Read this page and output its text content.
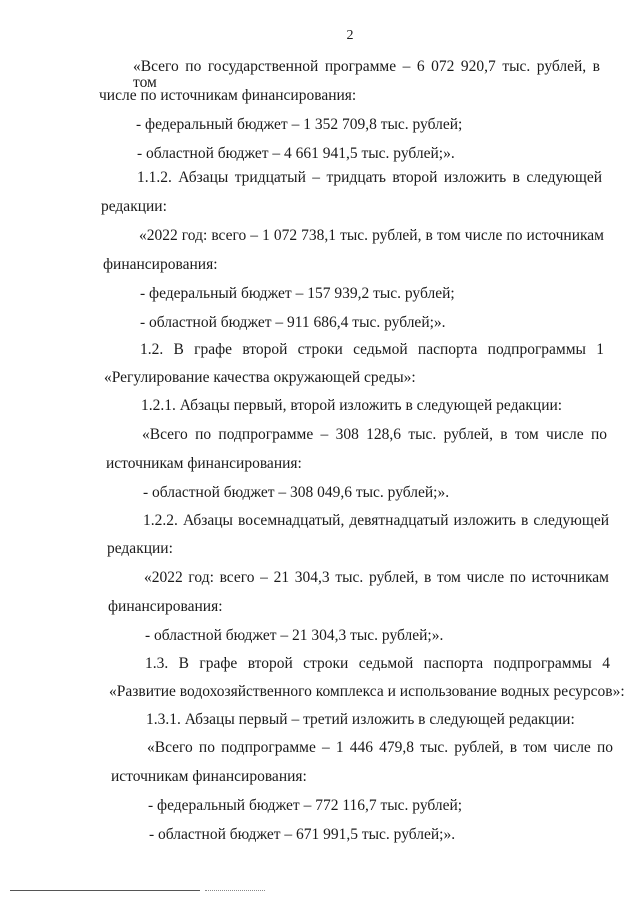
2
«Всего по государственной программе – 6 072 920,7 тыс. рублей, в том
числе по источникам финансирования:
- федеральный бюджет – 1 352 709,8 тыс. рублей;
- областной бюджет – 4 661 941,5 тыс. рублей;».
1.1.2. Абзацы тридцатый – тридцать второй изложить в следующей
редакции:
«2022 год: всего – 1 072 738,1 тыс. рублей, в том числе по источникам
финансирования:
- федеральный бюджет – 157 939,2 тыс. рублей;
- областной бюджет – 911 686,4 тыс. рублей;».
1.2. В графе второй строки седьмой паспорта подпрограммы 1
«Регулирование качества окружающей среды»:
1.2.1. Абзацы первый, второй изложить в следующей редакции:
«Всего по подпрограмме – 308 128,6 тыс. рублей, в том числе по
источникам финансирования:
- областной бюджет – 308 049,6 тыс. рублей;».
1.2.2. Абзацы восемнадцатый, девятнадцатый изложить в следующей
редакции:
«2022 год: всего – 21 304,3 тыс. рублей, в том числе по источникам
финансирования:
- областной бюджет – 21 304,3 тыс. рублей;».
1.3. В графе второй строки седьмой паспорта подпрограммы 4
«Развитие водохозяйственного комплекса и использование водных ресурсов»:
1.3.1. Абзацы первый – третий изложить в следующей редакции:
«Всего по подпрограмме – 1 446 479,8 тыс. рублей, в том числе по
источникам финансирования:
- федеральный бюджет – 772 116,7 тыс. рублей;
- областной бюджет – 671 991,5 тыс. рублей;».
